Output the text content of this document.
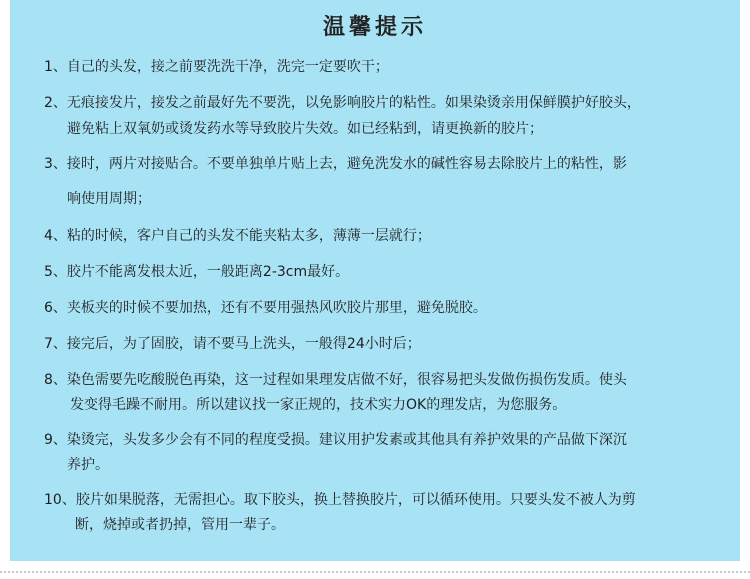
温馨提示
1、自己的头发，接之前要洗洗干净，洗完一定要吹干；
2、无痕接发片，接发之前最好先不要洗，以免影响胶片的粘性。如果染烫亲用保鲜膜护好胶头，
避免粘上双氧奶或烫发药水等导致胶片失效。如已经粘到，请更换新的胶片；
3、接时，两片对接贴合。不要单独单片贴上去，避免洗发水的碱性容易去除胶片上的粘性，影
响使用周期；
4、粘的时候，客户自己的头发不能夹粘太多，薄薄一层就行；
5、胶片不能离发根太近，一般距离2-3cm最好。
6、夹板夹的时候不要加热，还有不要用强热风吹胶片那里，避免脱胶。
7、接完后，为了固胶，请不要马上洗头，一般得24小时后；
8、染色需要先吃酸脱色再染，这一过程如果理发店做不好，很容易把头发做伤损伤发质。使头
发变得毛躁不耐用。所以建议找一家正规的，技术实力OK的理发店，为您服务。
9、染烫完，头发多少会有不同的程度受损。建议用护发素或其他具有养护效果的产品做下深沉
养护。
10、胶片如果脱落，无需担心。取下胶头，换上替换胶片，可以循环使用。只要头发不被人为剪
断，烧掉或者扔掉，管用一辈子。
